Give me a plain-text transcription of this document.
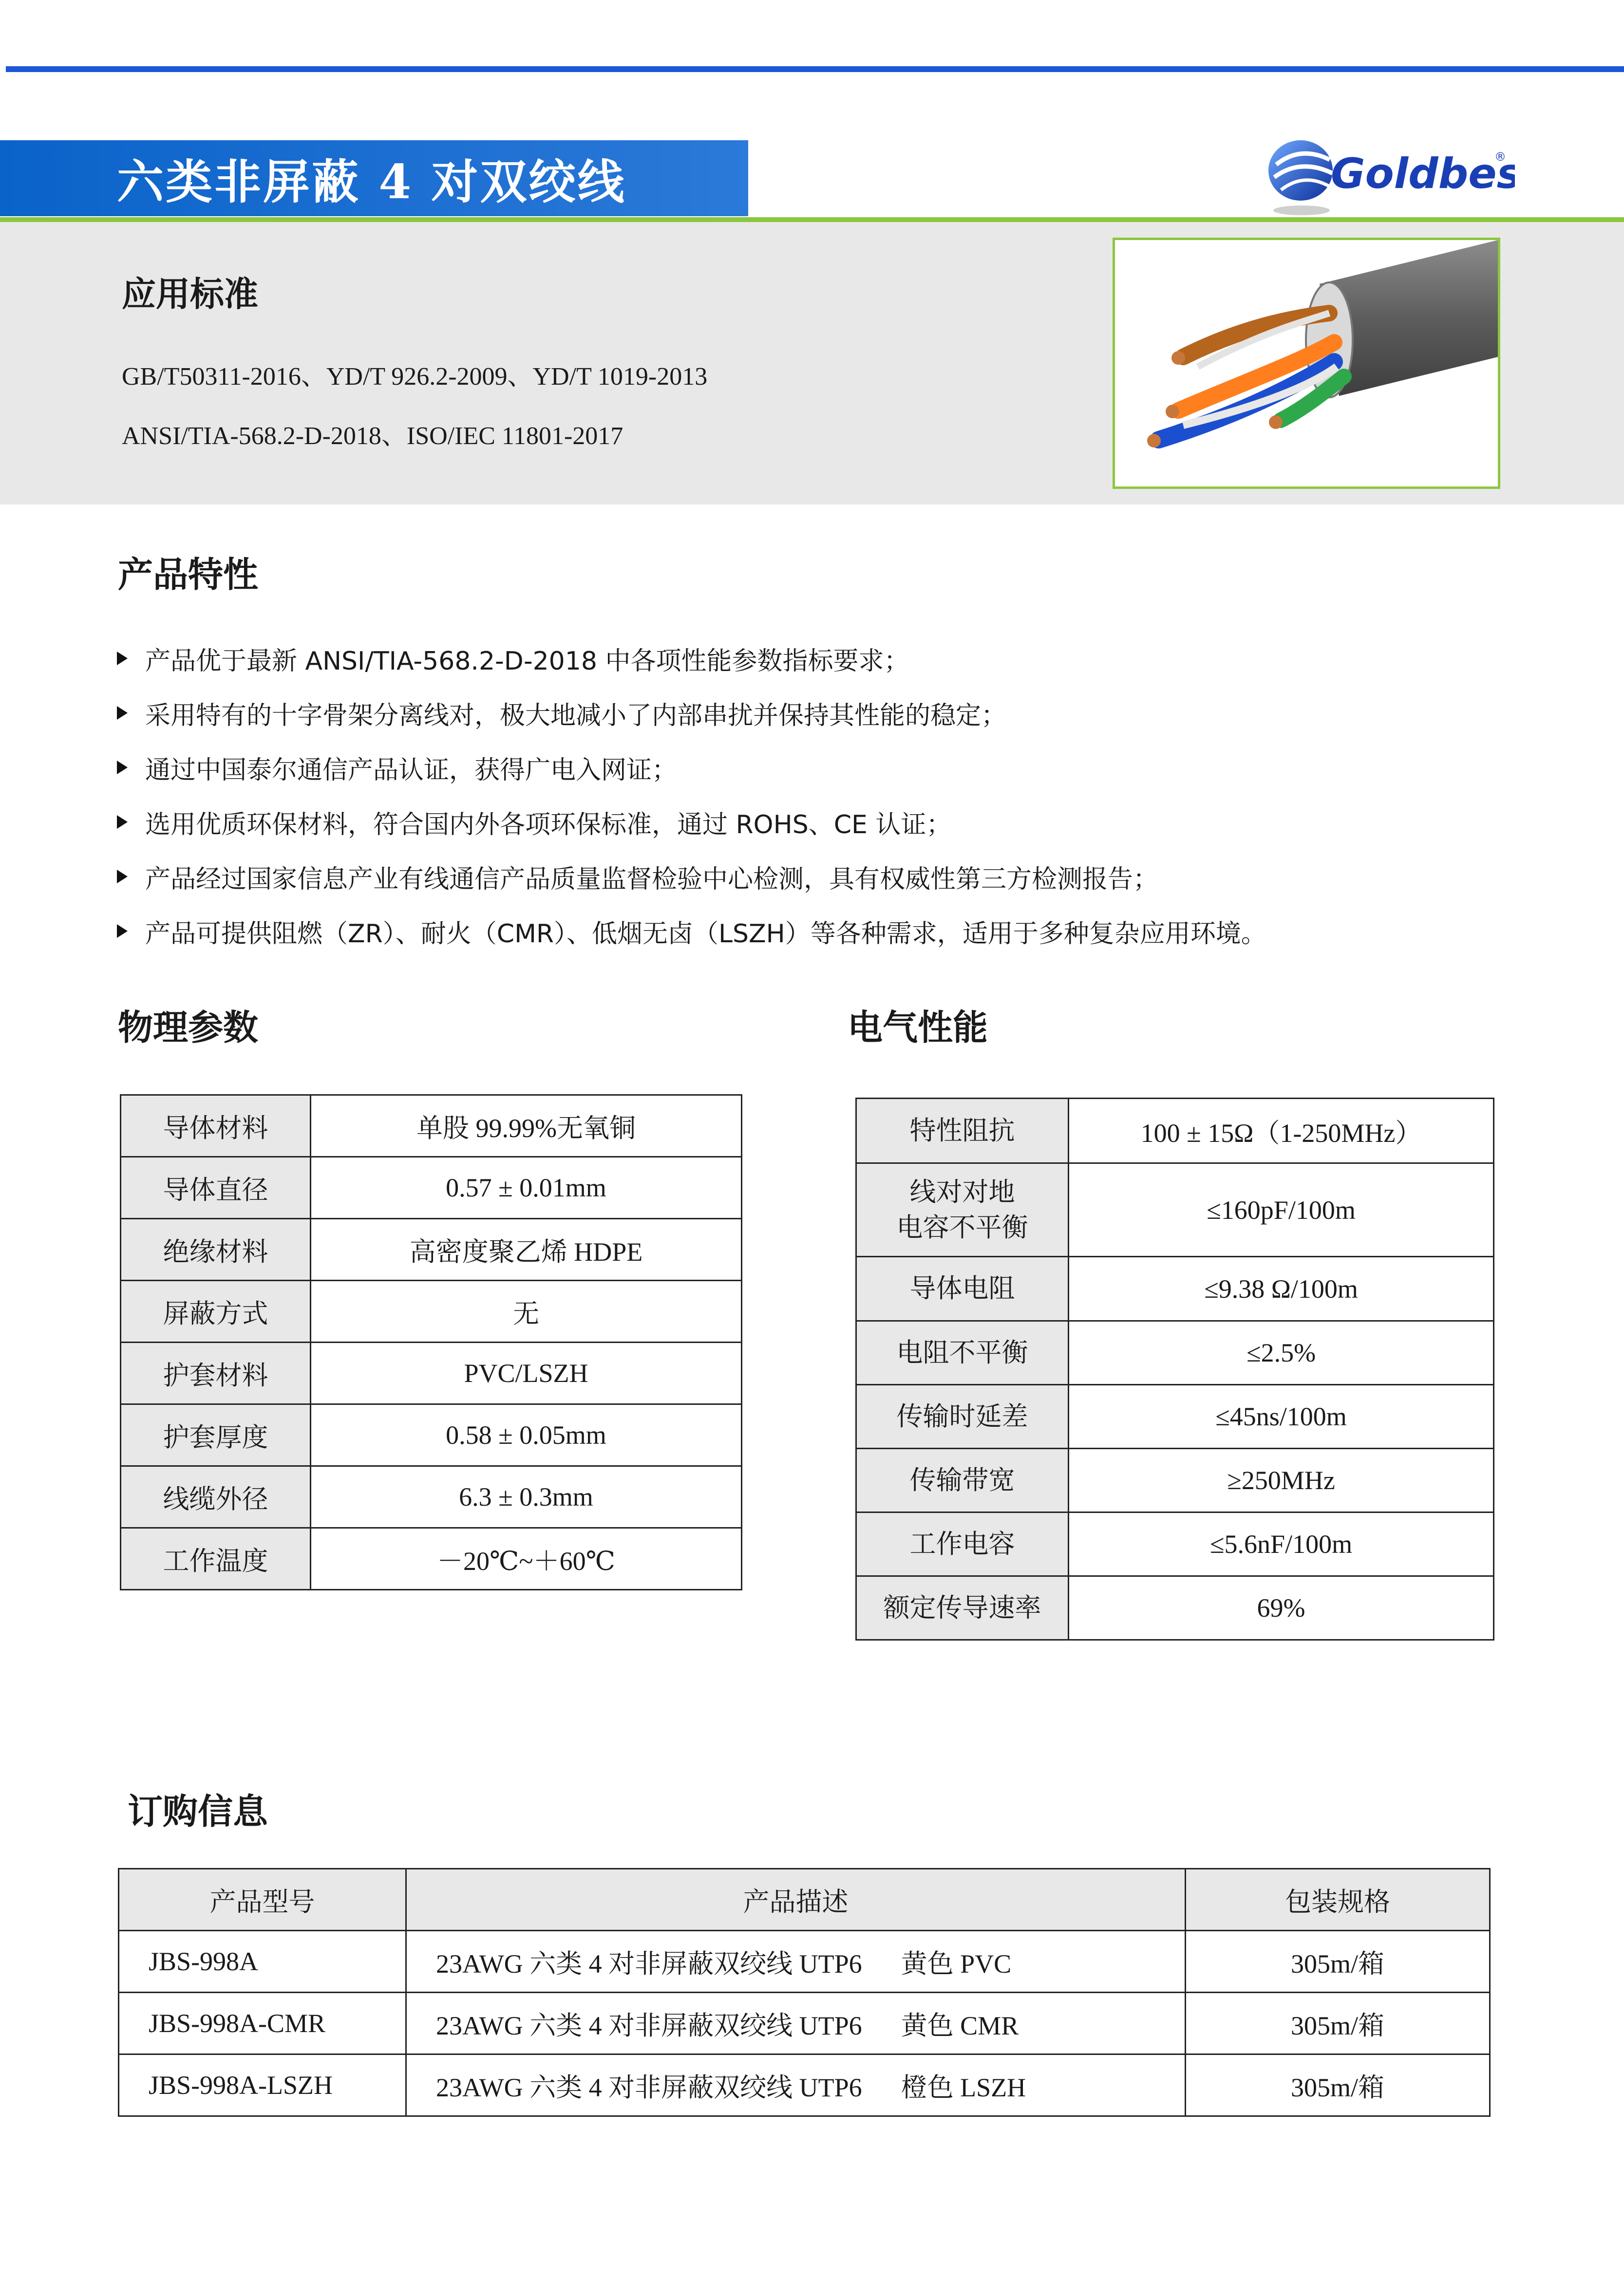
六类非屏蔽 4 对双绞线	Goldbe
®
应用标准
GB/T50311-2016、YD/T 926.2-2009、YD/T 1019-2013
ANSI/TIA-568.2-D-2018、ISO/IEC 11801-2017
产品特性
产品优于最新 ANSI/TIA-568.2-D-2018 中各项性能参数指标要求；
采用特有的十字骨架分离线对，极大地减小了内部串扰并保持其性能的稳定；
通过中国泰尔通信产品认证，获得广电入网证；
选用优质环保材料，符合国内外各项环保标准，通过 ROHS、CE 认证；
产品经过国家信息产业有线通信产品质量监督检验中心检测，具有权威性第三方检测报告；
产品可提供阻燃（ZR）、耐火（CMR）、低烟无卤（LSZH）等各种需求，适用于多种复杂应用环境。
物理参数
导体材料	单股 99.99%无氧铜
导体直径	0.57 ± 0.01mm
绝缘材料	高密度聚乙烯 HDPE
屏蔽方式	无
护套材料	PVC/LSZH
护套厚度	0.58 ± 0.05mm
线缆外径	6.3 ± 0.3mm
工作温度	－20℃~＋60℃
电气性能
特性阻抗	100 ± 15Ω（1-250MHz）

线对对地
电容不平衡	≤160pF/100m
导体电阻	≤9.38 Ω/100m
电阻不平衡	≤2.5%
传输时延差	≤45ns/100m
传输带宽	≥250MHz
工作电容	≤5.6nF/100m
额定传导速率	69%
订购信息
产品型号	产品描述	包装规格
JBS-998A	23AWG 六类 4 对非屏蔽双绞线 UTP6 黄色 PVC	305m/箱
JBS-998A-CMR	23AWG 六类 4 对非屏蔽双绞线 UTP6 黄色 CMR	305m/箱
JBS-998A-LSZH	23AWG 六类 4 对非屏蔽双绞线 UTP6 橙色 LSZH	305m/箱
